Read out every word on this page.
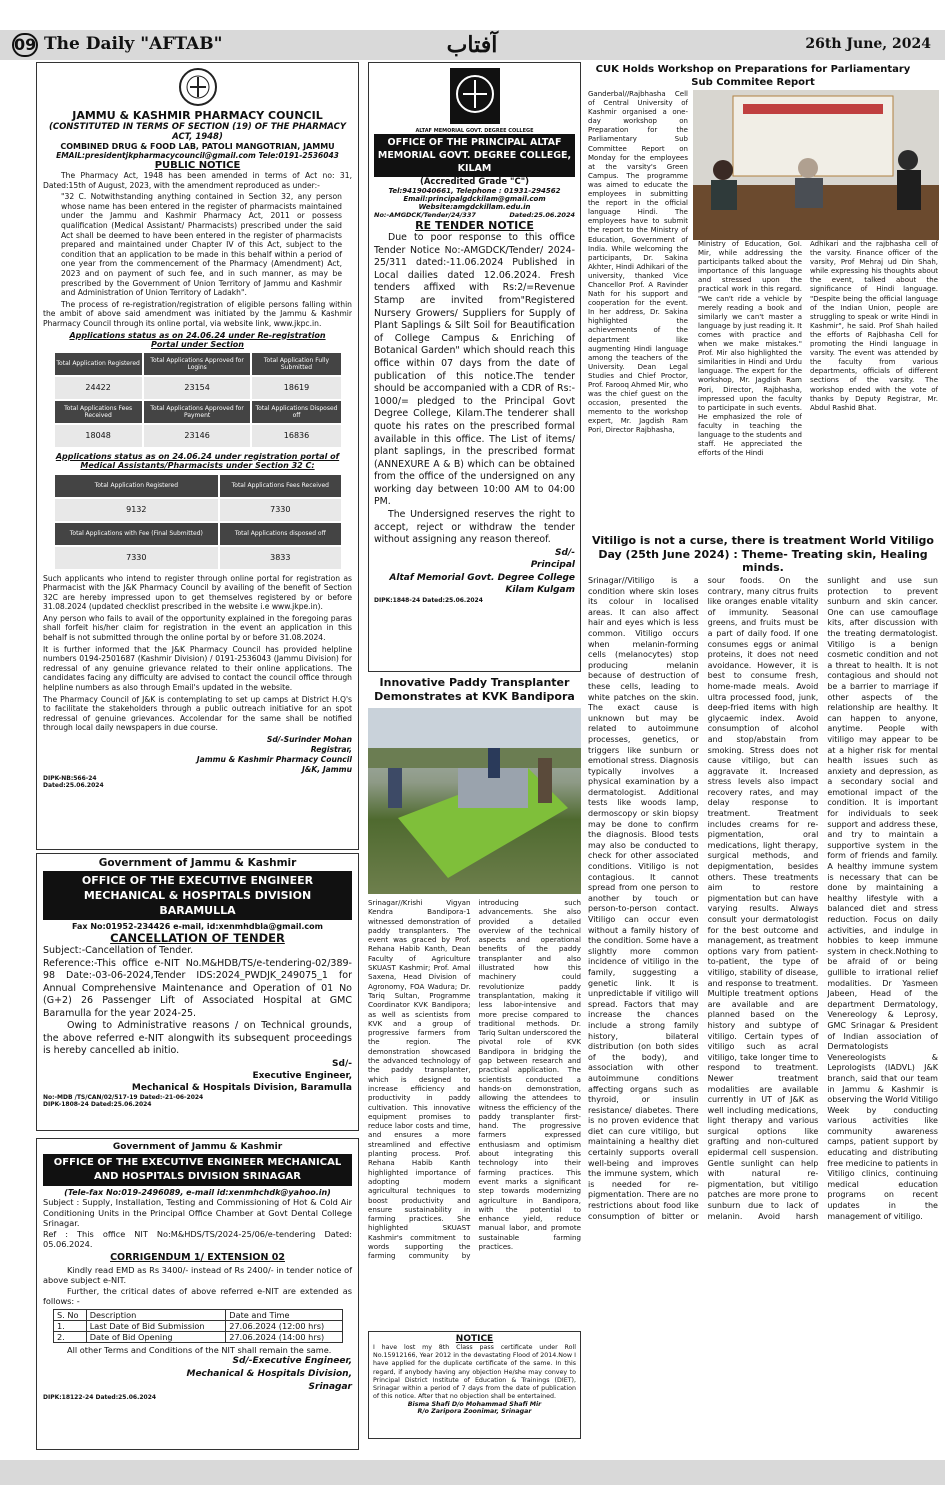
09 The Daily "AFTAB"	آفتاب	26th June, 2024
JAMMU & KASHMIR PHARMACY COUNCIL
(CONSTITUTED IN TERMS OF SECTION (19) OF THE PHARMACY ACT, 1948)
COMBINED DRUG & FOOD LAB, PATOLI MANGOTRIAN, JAMMU
EMAIL:presidentjkpharmacycouncil@gmail.com Tele:0191-2536043
PUBLIC NOTICE

The Pharmacy Act, 1948 has been amended in terms of Act no: 31, Dated:15th of August, 2023, with the amendment reproduced as under:-

"32 C. Notwithstanding anything contained in Section 32, any person whose name has been entered in the register of pharmacists maintained under the Jammu and Kashmir Pharmacy Act, 2011 or possess qualification (Medical Assistant/ Pharmacists) prescribed under the said Act shall be deemed to have been entered in the register of pharmacists prepared and maintained under Chapter IV of this Act, subject to the condition that an application to be made in this behalf within a period of one year from the commencement of the Pharmacy (Amendment) Act, 2023 and on payment of such fee, and in such manner, as may be prescribed by the Government of Union Territory of Jammu and Kashmir and Administration of Union Territory of Ladakh".

The process of re-registration/registration of eligible persons falling within the ambit of above said amendment was initiated by the Jammu & Kashmir Pharmacy Council through its online portal, via website link, www.jkpc.in.

Applications status as on 24.06.24 under Re-registration Portal under Section
Total Application Registered	Total Applications Approved for Logins	Total Application Fully Submitted
24422	23154	18619
Total Applications Fees Received	Total Applications Approved for Payment	Total Applications Disposed off
18048	23146	16836
Applications status as on 24.06.24 under registration portal of Medical Assistants/Pharmacists under Section 32 C:
Total Application Registered	Total Applications Fees Received
9132	7330
Total Applications with Fee (Final Submitted)	Total Applications disposed off
7330	3833

Such applicants who intend to register through online portal for registration as Pharmacist with the J&K Pharmacy Council by availing of the benefit of Section 32C are hereby impressed upon to get themselves registered by or before 31.08.2024 (updated checklist prescribed in the website i.e www.jkpe.in).

Any person who fails to avail of the opportunity explained in the foregoing paras shall forfeit his/her claim for registration in the event an application in this behalf is not submitted through the online portal by or before 31.08.2024.

It is further informed that the J&K Pharmacy Council has provided helpline numbers 0194-2501687 (Kashmir Division) / 0191-2536043 (Jammu Division) for redressal of any genuine grievance related to their online applications. The candidates facing any difficulty are advised to contact the council office through helpline numbers as also through Email's updated in the website.

The Pharmacy Council of J&K is contemplating to set up camps at District H.Q's to facilitate the stakeholders through a public outreach initiative for an spot redressal of genuine grievances. Accolendar for the same shall be notified through local daily newspapers in due course.

Sd/-Surinder Mohan
Registrar,
Jammu & Kashmir Pharmacy Council
J&K, Jammu
DIPK-NB:566-24
Dated:25.06.2024
Government of Jammu & Kashmir
OFFICE OF THE EXECUTIVE ENGINEER MECHANICAL & HOSPITALS DIVISION BARAMULLA
Fax No:01952-234426 e-mail, id:xenmhdbla@gmail.com
CANCELLATION OF TENDER
Subject:-Cancellation of Tender.
Reference:-This office e-NIT No.M&HDB/TS/e-tendering-02/389-98 Date:-03-06-2024,Tender IDS:2024_PWDJK_249075_1 for Annual Comprehensive Maintenance and Operation of 01 No (G+2) 26 Passenger Lift of Associated Hospital at GMC Baramulla for the year 2024-25.
Owing to Administrative reasons / on Technical grounds, the above referred e-NIT alongwith its subsequent proceedings is hereby cancelled ab initio.
Sd/-
Executive Engineer,
Mechanical & Hospitals Division, Baramulla
No:-MDB /TS/CAN/02/517-19 Dated:-21-06-2024
DIPK-1808-24 Dated:25.06.2024
Government of Jammu & Kashmir
OFFICE OF THE EXECUTIVE ENGINEER MECHANICAL AND HOSPITALS DIVISION SRINAGAR
(Tele-fax No:019-2496089, e-mail id:xenmhchdk@yahoo.in)
Subject : Supply, Installation, Testing and Commissioning of Hot & Cold Air Conditioning Units in the Principal Office Chamber at Govt Dental College Srinagar.
Ref : This office NIT No:M&HDS/TS/2024-25/06/e-tendering Dated: 05.06.2024.
CORRIGENDUM 1/ EXTENSION 02
Kindly read EMD as Rs 3400/- instead of Rs 2400/- in tender notice of above subject e-NIT.
Further, the critical dates of above referred e-NIT are extended as follows: -
S. No	Description	Date and Time
1.	Last Date of Bid Submission	27.06.2024 (12:00 hrs)
2.	Date of Bid Opening	27.06.2024 (14:00 hrs)
All other Terms and Conditions of the NIT shall remain the same.
Sd/-Executive Engineer,
Mechanical & Hospitals Division,
Srinagar
DIPK:18122-24 Dated:25.06.2024
ALTAF MEMORIAL GOVT. DEGREE COLLEGE
OFFICE OF THE PRINCIPAL ALTAF MEMORIAL GOVT. DEGREE COLLEGE, KILAM
(Accredited Grade "C")
Tel:9419040661, Telephone : 01931-294562
Email:principalgdckilam@gmail.com
Website:amgdckillam.edu.in
No:-AMGDCK/Tender/24/337	Dated:25.06.2024
RE TENDER NOTICE
Due to poor response to this office Tender Notice No:-AMGDCK/Tender/ 2024-25/311 dated:-11.06.2024 Published in Local dailies dated 12.06.2024. Fresh tenders affixed with Rs:2/=Revenue Stamp are invited from"Registered Nursery Growers/ Suppliers for Supply of Plant Saplings & Silt Soil for Beautification of College Campus & Enriching of Botanical Garden" which should reach this office within 07 days from the date of publication of this notice.The tender should be accompanied with a CDR of Rs:- 1000/= pledged to the Principal Govt Degree College, Kilam.The tenderer shall quote his rates on the prescribed formal available in this office. The List of items/ plant saplings, in the prescribed format (ANNEXURE A & B) which can be obtained from the office of the undersigned on any working day between 10:00 AM to 04:00 PM.
The Undersigned reserves the right to accept, reject or withdraw the tender without assigning any reason thereof.
Sd/-
Principal
Altaf Memorial Govt. Degree College
Kilam Kulgam
DIPK:1848-24 Dated:25.06.2024
Innovative Paddy Transplanter Demonstrates at KVK Bandipora
Srinagar//Krishi Vigyan Kendra Bandipora-1 witnessed demonstration of paddy transplanters. The event was graced by Prof. Rehana Habib Kanth, Dean Faculty of Agriculture SKUAST Kashmir; Prof. Amal Saxena, Head Division of Agronomy, FOA Wadura; Dr. Tariq Sultan, Programme Coordinator KVK Bandipora; as well as scientists from KVK and a group of progressive farmers from the region. The demonstration showcased the advanced technology of the paddy transplanter, which is designed to increase efficiency and productivity in paddy cultivation. This innovative equipment promises to reduce labor costs and time, and ensures a more streamlined and effective planting process. Prof. Rehana Habib Kanth highlighted importance of adopting modern agricultural techniques to boost productivity and ensure sustainability in farming practices. She highlighted SKUAST Kashmir's commitment to words supporting the farming community by introducing such advancements. She also provided a detailed overview of the technical aspects and operational benefits of the paddy transplanter and also illustrated how this machinery could revolutionize paddy transplantation, making it less labor-intensive and more precise compared to traditional methods. Dr. Tariq Sultan underscored the pivotal role of KVK Bandipora in bridging the gap between research and practical application. The scientists conducted a hands-on demonstration, allowing the attendees to witness the efficiency of the paddy transplanter first-hand. The progressive farmers expressed enthusiasm and optimism about integrating this technology into their farming practices. This event marks a significant step towards modernizing agriculture in Bandipora, with the potential to enhance yield, reduce manual labor, and promote sustainable farming practices.
NOTICE
I have lost my 8th Class pass certificate under Roll No.15912166, Year 2012 in the devastating Flood of 2014.Now I have applied for the duplicate certificate of the same. In this regard, if anybody having any objection He/she may convey to Principal District Institute of Education & Trainings (DIET), Srinagar within a period of 7 days from the date of publication of this notice. After that no objection shall be entertained.
Bisma Shafi D/o Mohammad Shafi Mir
R/o Zaripora Zoonimar, Srinagar
CUK Holds Workshop on Preparations for Parliamentary Sub Commitee Report
Ganderbal//Rajbhasha Cell of Central University of Kashmir organised a one-day workshop on Preparation for the Parliamentary Sub Committee Report on Monday for the employees at the varsity's Green Campus. The programme was aimed to educate the employees in submitting the report in the official language Hindi. The employees have to submit the report to the Ministry of Education, Government of India. While welcoming the participants, Dr. Sakina Akhter, Hindi Adhikari of the university, thanked Vice Chancellor Prof. A Ravinder Nath for his support and cooperation for the event. In her address, Dr. Sakina highlighted the achievements of the department like augmenting Hindi language among the teachers of the University. Dean Legal Studies and Chief Proctor, Prof. Farooq Ahmed Mir, who was the chief guest on the occasion, presented the memento to the workshop expert, Mr. Jagdish Ram Pori, Director Rajbhasha,
Ministry of Education, GoI. Mir, while addressing the participants talked about the importance of this language and stressed upon the practical work in this regard. "We can't ride a vehicle by merely reading a book and similarly we can't master a language by just reading it. It comes with practice and when we make mistakes." Prof. Mir also highlighted the similarities in Hindi and Urdu language. The expert for the workshop, Mr. Jagdish Ram Pori, Director, Rajbhasha, impressed upon the faculty to participate in such events. He emphasized the role of faculty in teaching the language to the students and staff. He appreciated the efforts of the Hindi
Adhikari and the rajbhasha cell of the varsity. Finance officer of the varsity, Prof Mehraj ud Din Shah, while expressing his thoughts about the event, talked about the significance of Hindi language. "Despite being the official language of the Indian Union, people are struggling to speak or write Hindi in Kashmir", he said. Prof Shah hailed the efforts of Rajbhasha Cell for promoting the Hindi language in varsity. The event was attended by the faculty from various departments, officials of different sections of the varsity. The workshop ended with the vote of thanks by Deputy Registrar, Mr. Abdul Rashid Bhat.
Vitiligo is not a curse, there is treatment World Vitiligo Day (25th June 2024) : Theme- Treating skin, Healing minds.
Srinagar//Vitiligo is a condition where skin loses its colour in localised areas. It can also affect hair and eyes which is less common. Vitiligo occurs when melanin-forming cells (melanocytes) stop producing melanin because of destruction of these cells, leading to white patches on the skin. The exact cause is unknown but may be related to autoimmune processes, genetics, or triggers like sunburn or emotional stress. Diagnosis typically involves a physical examination by a dermatologist. Additional tests like woods lamp, dermoscopy or skin biopsy may be done to confirm the diagnosis. Blood tests may also be conducted to check for other associated conditions. Vitiligo is not contagious. It cannot spread from one person to another by touch or person-to-person contact. Vitiligo can occur even without a family history of the condition. Some have a slightly more common incidence of vitiligo in the family, suggesting a genetic link. It is unpredictable if vitiligo will spread. Factors that may increase the chances include a strong family history, bilateral distribution (on both sides of the body), and association with other autoimmune conditions affecting organs such as thyroid, or insulin resistance/ diabetes. There is no proven evidence that diet can cure vitiligo, but maintaining a healthy diet certainly supports overall well-being and improves the immune system, which is needed for re-pigmentation. There are no restrictions about food like consumption of bitter or sour foods. On the contrary, many citrus fruits like oranges enable vitality of immunity. Seasonal greens, and fruits must be a part of daily food. If one consumes eggs or animal proteins, it does not need avoidance. However, it is best to consume fresh, home-made meals. Avoid ultra processed food, junk, deep-fried items with high glycaemic index. Avoid consumption of alcohol and stop/abstain from smoking. Stress does not cause vitiligo, but can aggravate it. Increased stress levels also impact recovery rates, and may delay response to treatment. Treatment includes creams for re-pigmentation, oral medications, light therapy, surgical methods, and depigmentation, besides others. These treatments aim to restore pigmentation but can have varying results. Always consult your dermatologist for the best outcome and management, as treatment options vary from patient-to-patient, the type of vitiligo, stability of disease, and response to treatment. Multiple treatment options are available and are planned based on the history and subtype of vitiligo. Certain types of vitiligo such as acral vitiligo, take longer time to respond to treatment. Newer treatment modalities are available currently in UT of J&K as well including medications, light therapy and various surgical options like grafting and non-cultured epidermal cell suspension. Gentle sunlight can help with natural re-pigmentation, but vitiligo patches are more prone to sunburn due to lack of melanin. Avoid harsh sunlight and use sun protection to prevent sunburn and skin cancer. One can use camouflage kits, after discussion with the treating dermatologist. Vitiligo is a benign cosmetic condition and not a threat to health. It is not contagious and should not be a barrier to marriage if other aspects of the relationship are healthy. It can happen to anyone, anytime. People with vitiligo may appear to be at a higher risk for mental health issues such as anxiety and depression, as a secondary social and emotional impact of the condition. It is important for individuals to seek support and address these, and try to maintain a supportive system in the form of friends and family. A healthy immune system is necessary that can be done by maintaining a healthy lifestyle with a balanced diet and stress reduction. Focus on daily activities, and indulge in hobbies to keep immune system in check.Nothing to be afraid of or being gullible to irrational relief modalities. Dr Yasmeen Jabeen, Head of the department Dermatology, Venereology & Leprosy, GMC Srinagar & President of Indian association of Dermatologists Venereologists & Leprologists (IADVL) J&K branch, said that our team in Jammu & Kashmir is observing the World Vitiligo Week by conducting various activities like community awareness camps, patient support by educating and distributing free medicine to patients in Vitiligo clinics, continuing medical education programs on recent updates in the management of vitiligo.
